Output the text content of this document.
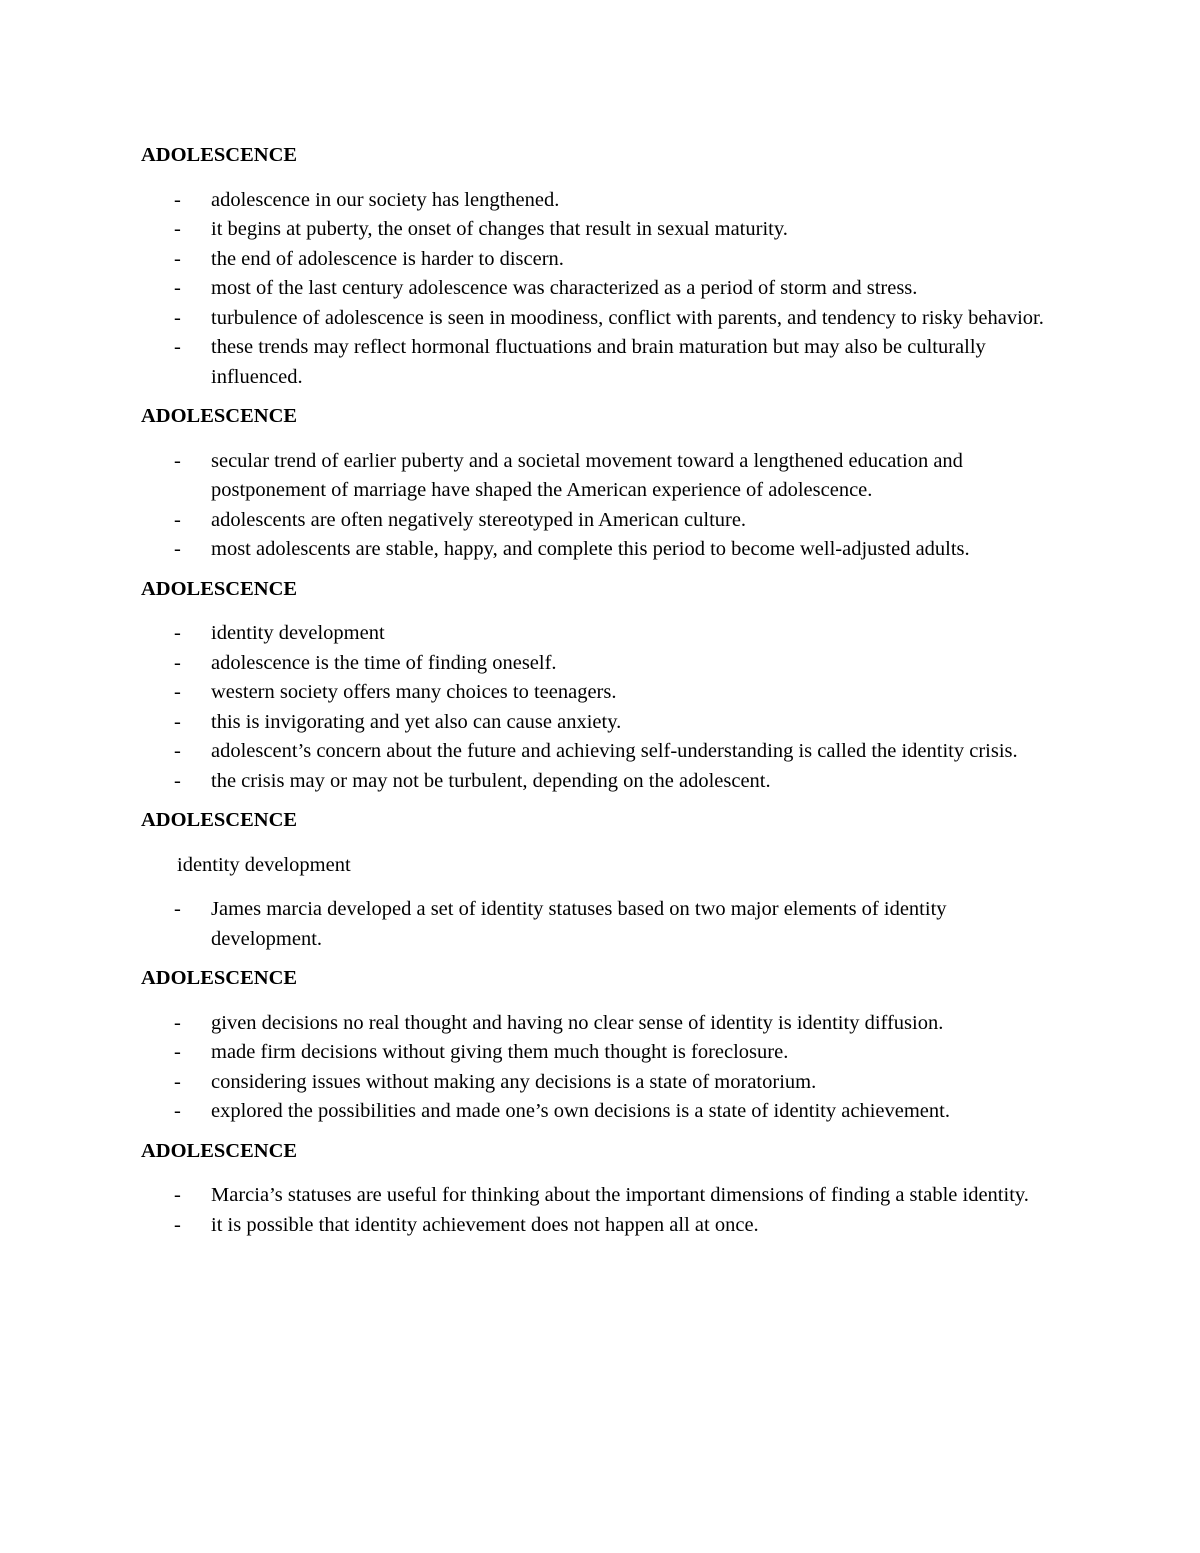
ADOLESCENCE
- adolescence in our society has lengthened.
- it begins at puberty, the onset of changes that result in sexual maturity.
- the end of adolescence is harder to discern.
- most of the last century adolescence was characterized as a period of storm and stress.
- turbulence of adolescence is seen in moodiness, conflict with parents, and tendency to risky behavior.
- these trends may reflect hormonal fluctuations and brain maturation but may also be culturally influenced.
ADOLESCENCE
- secular trend of earlier puberty and a societal movement toward a lengthened education and postponement of marriage have shaped the American experience of adolescence.
- adolescents are often negatively stereotyped in American culture.
- most adolescents are stable, happy, and complete this period to become well-adjusted adults.
ADOLESCENCE
- identity development
- adolescence is the time of finding oneself.
- western society offers many choices to teenagers.
- this is invigorating and yet also can cause anxiety.
- adolescent’s concern about the future and achieving self-understanding is called the identity crisis.
- the crisis may or may not be turbulent, depending on the adolescent.
ADOLESCENCE
identity development
- James marcia developed a set of identity statuses based on two major elements of identity development.
ADOLESCENCE
- given decisions no real thought and having no clear sense of identity is identity diffusion.
- made firm decisions without giving them much thought is foreclosure.
- considering issues without making any decisions is a state of moratorium.
- explored the possibilities and made one’s own decisions is a state of identity achievement.
ADOLESCENCE
- Marcia’s statuses are useful for thinking about the important dimensions of finding a stable identity.
- it is possible that identity achievement does not happen all at once.
